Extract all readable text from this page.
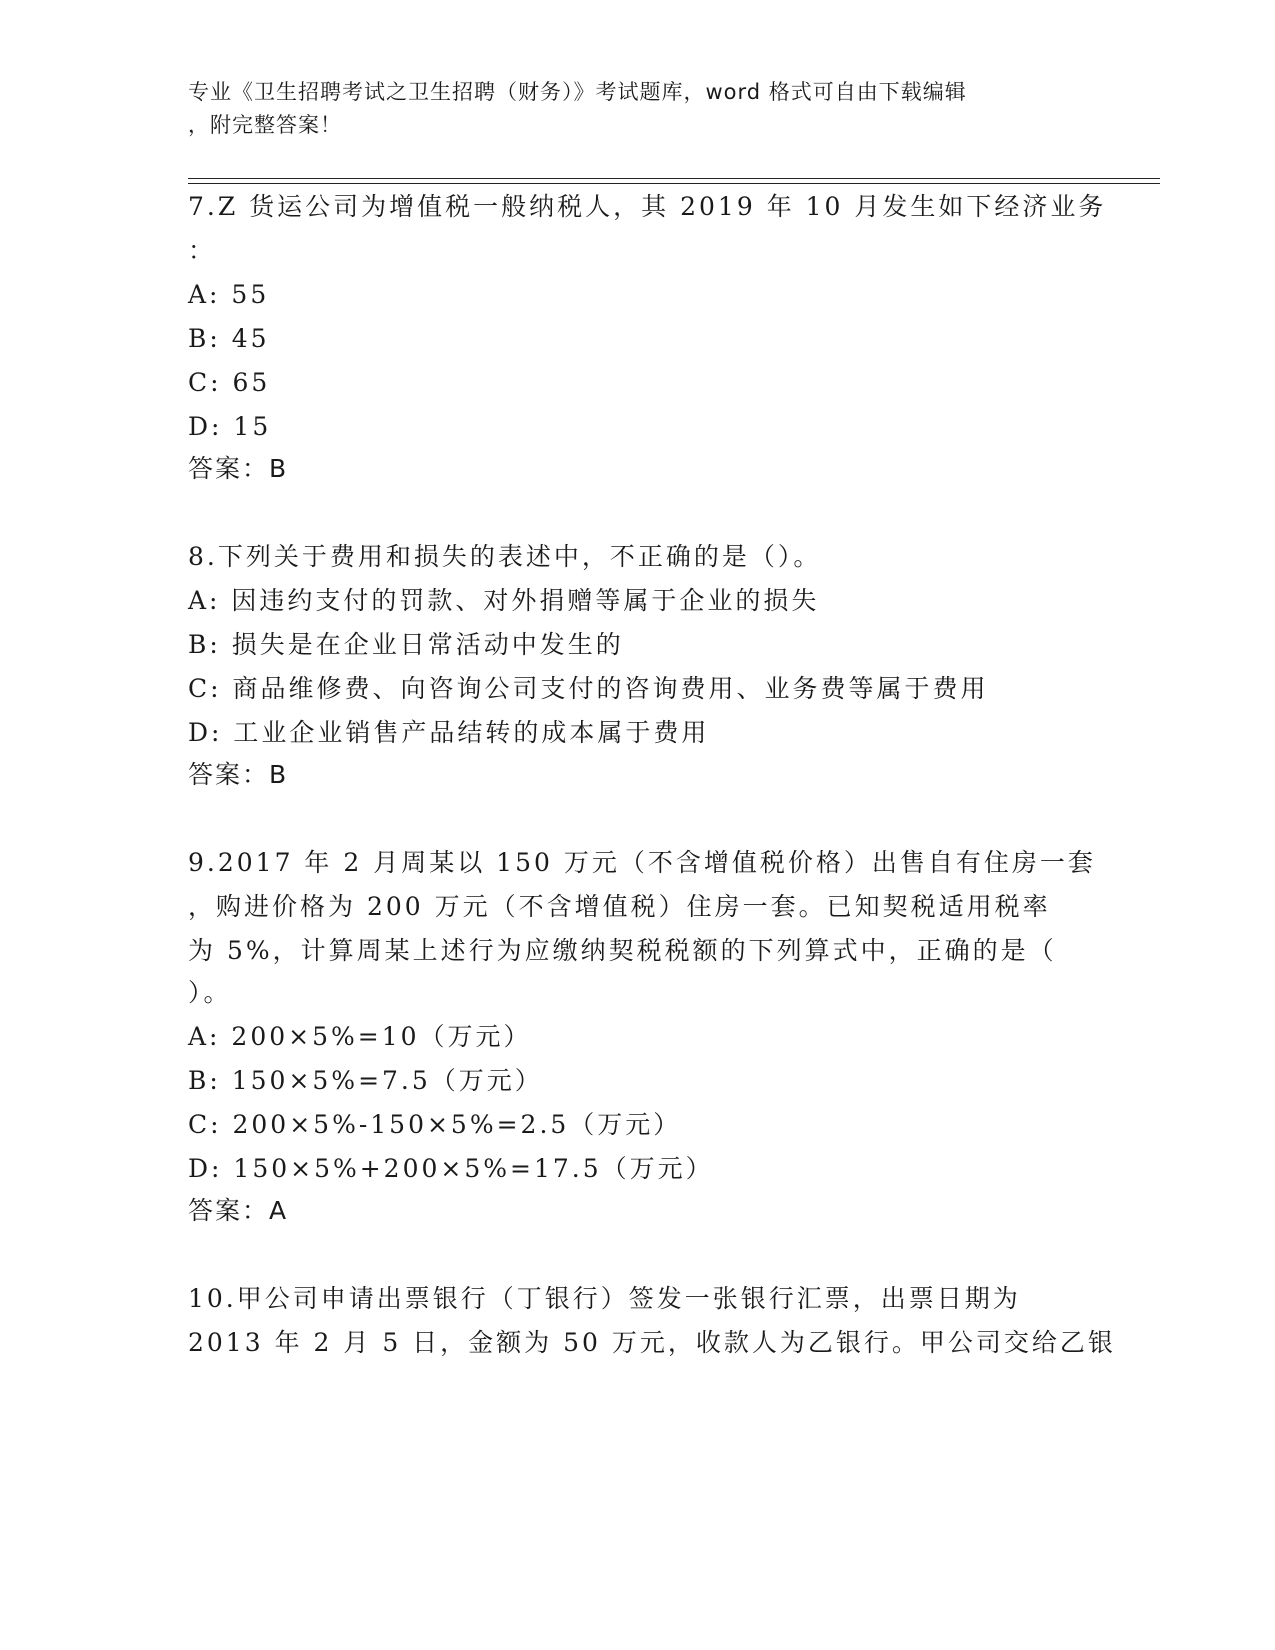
专业《卫生招聘考试之卫生招聘（财务）》考试题库，word 格式可自由下载编辑
，附完整答案！
7.Z 货运公司为增值税一般纳税人，其 2019 年 10 月发生如下经济业务
：
A: 55
B: 45
C: 65
D: 15
答案：B
8.下列关于费用和损失的表述中，不正确的是（）。
A: 因违约支付的罚款、对外捐赠等属于企业的损失
B: 损失是在企业日常活动中发生的
C: 商品维修费、向咨询公司支付的咨询费用、业务费等属于费用
D: 工业企业销售产品结转的成本属于费用
答案：B
9.2017 年 2 月周某以 150 万元（不含增值税价格）出售自有住房一套
，购进价格为 200 万元（不含增值税）住房一套。已知契税适用税率
为 5%，计算周某上述行为应缴纳契税税额的下列算式中，正确的是（
）。
A: 200×5%=10（万元）
B: 150×5%=7.5（万元）
C: 200×5%-150×5%=2.5（万元）
D: 150×5%+200×5%=17.5（万元）
答案：A
10.甲公司申请出票银行（丁银行）签发一张银行汇票，出票日期为
2013 年 2 月 5 日，金额为 50 万元，收款人为乙银行。甲公司交给乙银
